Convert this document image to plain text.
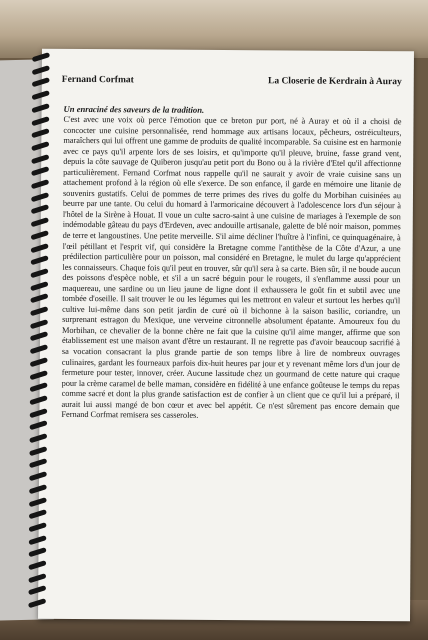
Fernand Corfmat	La Closerie de Kerdrain à Auray
Un enraciné des saveurs de la tradition.
C'est avec une voix où perce l'émotion que ce breton pur port, né à Auray et où il a choisi de concocter une cuisine personnalisée, rend hommage aux artisans locaux, pêcheurs, ostréiculteurs, maraîchers qui lui offrent une gamme de produits de qualité incomparable. Sa cuisine est en harmonie avec ce pays qu'il arpente lors de ses loisirs, et qu'importe qu'il pleuve, bruine, fasse grand vent, depuis la côte sauvage de Quiberon jusqu'au petit port du Bono ou à la rivière d'Etel qu'il affectionne particulièrement. Fernand Corfmat nous rappelle qu'il ne saurait y avoir de vraie cuisine sans un attachement profond à la région où elle s'exerce. De son enfance, il garde en mémoire une litanie de souvenirs gustatifs. Celui de pommes de terre primes des rives du golfe du Morbihan cuisinées au beurre par une tante. Ou celui du homard à l'armoricaine découvert à l'adolescence lors d'un séjour à l'hôtel de la Sirène à Houat. Il voue un culte sacro-saint à une cuisine de mariages à l'exemple de son indémodable gâteau du pays d'Erdeven, avec andouille artisanale, galette de blé noir maison, pommes de terre et langoustines. Une petite merveille. S'il aime décliner l'huître à l'infini, ce quinquagénaire, à l'œil pétillant et l'esprit vif, qui considère la Bretagne comme l'antithèse de la Côte d'Azur, a une prédilection particulière pour un poisson, mal considéré en Bretagne, le mulet du large qu'apprécient les connaisseurs. Chaque fois qu'il peut en trouver, sûr qu'il sera à sa carte. Bien sûr, il ne boude aucun des poissons d'espèce noble, et s'il a un sacré béguin pour le rougets, il s'enflamme aussi pour un maquereau, une sardine ou un lieu jaune de ligne dont il exhaussera le goût fin et subtil avec une tombée d'oseille. Il sait trouver le ou les légumes qui les mettront en valeur et surtout les herbes qu'il cultive lui-même dans son petit jardin de curé où il bichonne à la saison basilic, coriandre, un surprenant estragon du Mexique, une verveine citronnelle absolument épatante. Amoureux fou du Morbihan, ce chevalier de la bonne chère ne fait que la cuisine qu'il aime manger, affirme que son établissement est une maison avant d'être un restaurant. Il ne regrette pas d'avoir beaucoup sacrifié à sa vocation consacrant la plus grande partie de son temps libre à lire de nombreux ouvrages culinaires, gardant les fourneaux parfois dix-huit heures par jour et y revenant même lors d'un jour de fermeture pour tester, innover, créer. Aucune lassitude chez un gourmand de cette nature qui craque pour la crème caramel de belle maman, considère en fidélité à une enfance goûteuse le temps du repas comme sacré et dont la plus grande satisfaction est de confier à un client que ce qu'il lui a préparé, il aurait lui aussi mangé de bon cœur et avec bel appétit. Ce n'est sûrement pas encore demain que Fernand Corfmat remisera ses casseroles.
